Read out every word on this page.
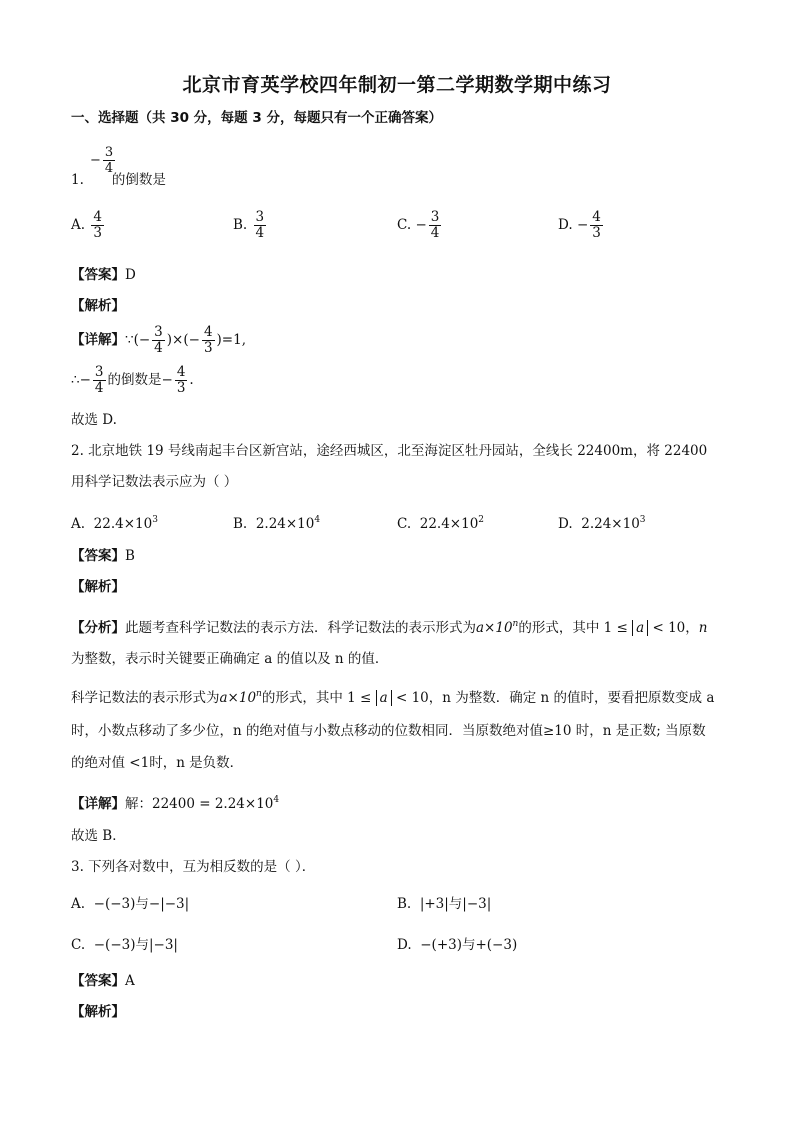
北京市育英学校四年制初一第二学期数学期中练习
一、选择题（共 30 分，每题 3 分，每题只有一个正确答案）
− $\frac{3}{4}$
1. 的倒数是
A. $\frac{4}{3}$	B. $\frac{3}{4}$	C. − $\frac{3}{4}$	D. − $\frac{4}{3}$
【答案】D
【解析】
【详解】∵(− $\frac{3}{4}$ )×(− $\frac{4}{3} )=1$,
∴− $\frac{3}{4}$ 的倒数是− $\frac{4}{3}$ .
故选 D.
2. 北京地铁 19 号线南起丰台区新宫站，途经西城区，北至海淀区牡丹园站，全线长 22400m，将 22400
用科学记数法表示应为（ ）
A. $22.4\times 10^3$	B. $2.24\times 10^4$	C. $22.4\times 10^2$	D. $2.24\times 10^3$
【答案】B
【解析】
【分析】此题考查科学记数法的表示方法．科学记数法的表示形式为$a\times 10^n$的形式，其中 1 ≤ a < 10，n
为整数，表示时关键要正确确定 a 的值以及 n 的值．
科学记数法的表示形式为$a\times 10^n$的形式，其中 1 ≤ a < 10，n 为整数．确定 n 的值时，要看把原数变成 a
时，小数点移动了多少位，n 的绝对值与小数点移动的位数相同．当原数绝对值≥10 时，n 是正数; 当原数
的绝对值 <1时，n 是负数．
【详解】解：$22400 = 2.24\times 10^4$
故选 B．
3. 下列各对数中，互为相反数的是（ ）．
A. −(−3)与−|−3|	B. |+3|与|−3|
C. −(−3)与|−3|	D. −(+3)与+(−3)
【答案】A
【解析】
